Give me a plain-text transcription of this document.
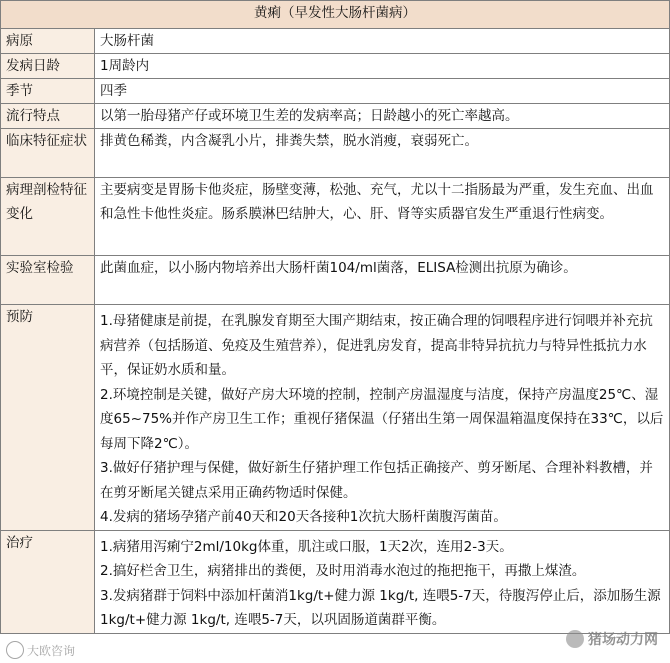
黄痢（早发性大肠杆菌病）	
病原	大肠杆菌

发病日龄	1周龄内

季节	四季

流行特点	以第一胎母猪产仔或环境卫生差的发病率高；日龄越小的死亡率越高。

临床特征症状	排黄色稀粪，内含凝乳小片，排粪失禁，脱水消瘦，衰弱死亡。

病理剖检特征变化	主要病变是胃肠卡他炎症，肠壁变薄，松弛、充气，尤以十二指肠最为严重，发生充血、出血和急性卡他性炎症。肠系膜淋巴结肿大，心、肝、肾等实质器官发生严重退行性病变。

实验室检验	此菌血症，以小肠内物培养出大肠杆菌104/ml菌落，ELISA检测出抗原为确诊。

预防	1.母猪健康是前提，在乳腺发育期至大围产期结束，按正确合理的饲喂程序进行饲喂并补充抗病营养（包括肠道、免疫及生殖营养），促进乳房发育，提高非特异抗抗力与特异性抵抗力水平，保证奶水质和量。
2.环境控制是关键，做好产房大环境的控制，控制产房温湿度与洁度，保持产房温度25℃、湿度65~75%并作产房卫生工作；重视仔猪保温（仔猪出生第一周保温箱温度保持在33℃，以后每周下降2℃）。
3.做好仔猪护理与保健，做好新生仔猪护理工作包括正确接产、剪牙断尾、合理补料教槽，并在剪牙断尾关键点采用正确药物适时保健。
4.发病的猪场孕猪产前40天和20天各接种1次抗大肠杆菌腹泻菌苗。

治疗	1.病猪用泻痢宁2ml/10kg体重，肌注或口服，1天2次，连用2-3天。
2.搞好栏舍卫生，病猪排出的粪便，及时用消毒水泡过的拖把拖干，再撒上煤渣。
3.发病猪群于饲料中添加杆菌消1kg/t+健力源 1kg/t, 连喂5-7天，待腹泻停止后，添加肠生源1kg/t+健力源 1kg/t, 连喂5-7天，以巩固肠道菌群平衡。
大欧咨询
猪场动力网
